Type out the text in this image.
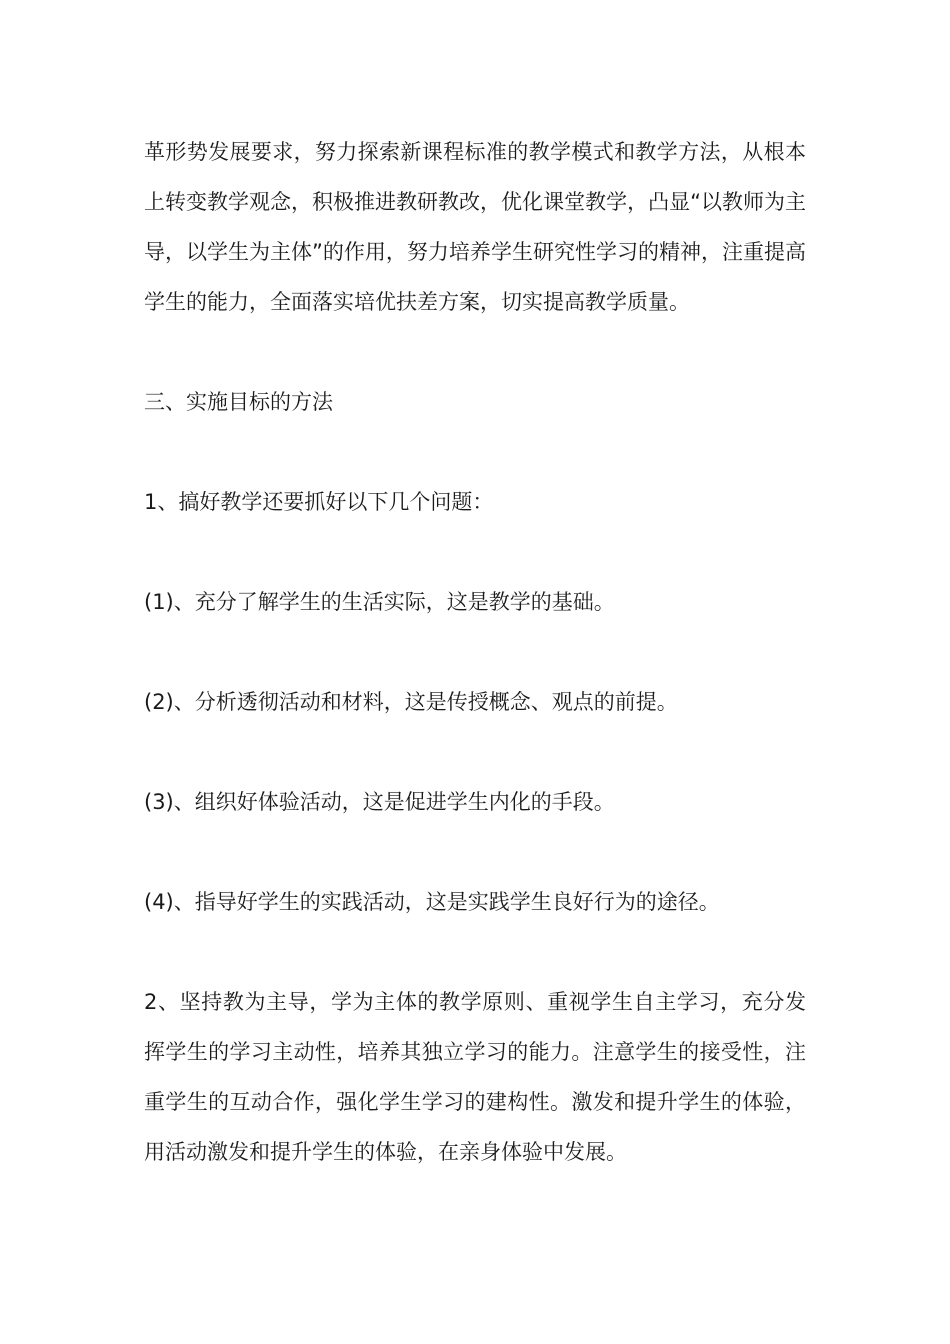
革形势发展要求，努力探索新课程标准的教学模式和教学方法，从根本上转变教学观念，积极推进教研教改，优化课堂教学，凸显“以教师为主导，以学生为主体”的作用，努力培养学生研究性学习的精神，注重提高学生的能力，全面落实培优扶差方案，切实提高教学质量。

三、实施目标的方法

1、搞好教学还要抓好以下几个问题：

(1)、充分了解学生的生活实际，这是教学的基础。

(2)、分析透彻活动和材料，这是传授概念、观点的前提。

(3)、组织好体验活动，这是促进学生内化的手段。

(4)、指导好学生的实践活动，这是实践学生良好行为的途径。

2、坚持教为主导，学为主体的教学原则、重视学生自主学习，充分发挥学生的学习主动性，培养其独立学习的能力。注意学生的接受性，注重学生的互动合作，强化学生学习的建构性。激发和提升学生的体验，用活动激发和提升学生的体验，在亲身体验中发展。
